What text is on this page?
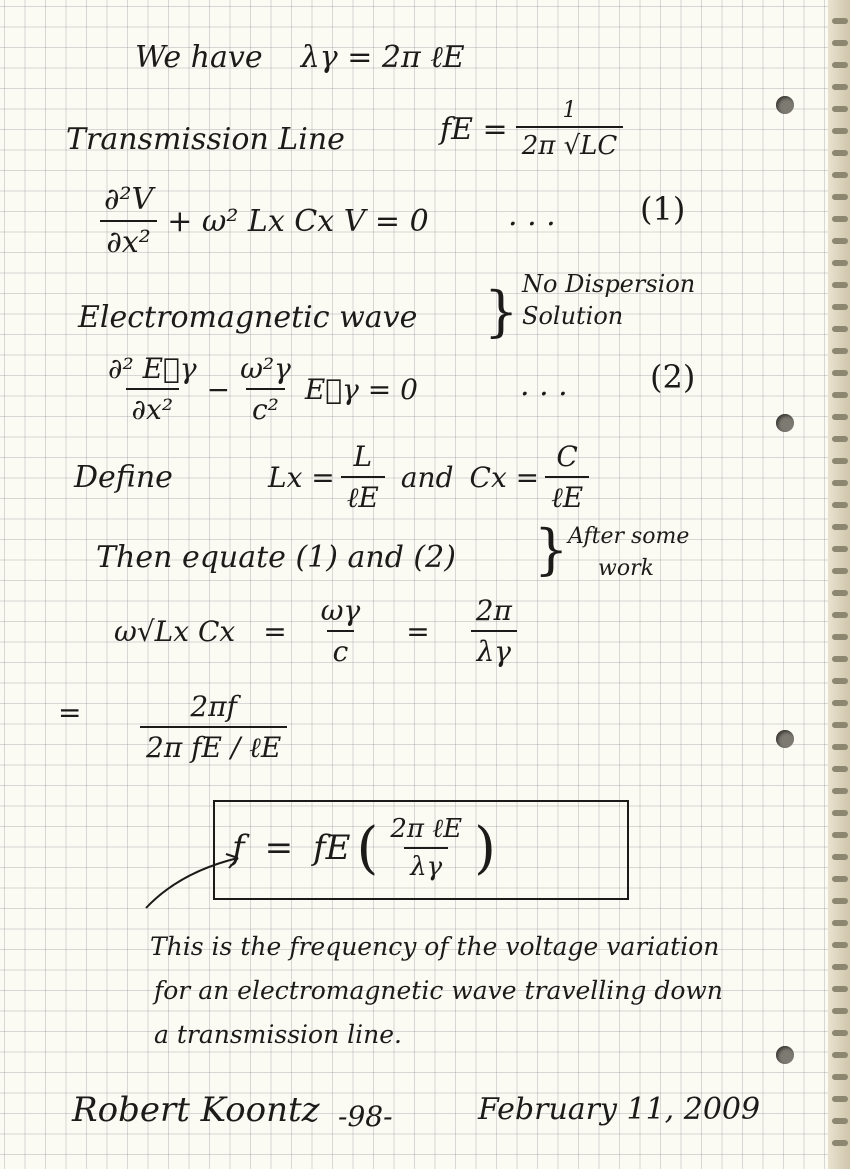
We have λγ = 2π ℓE
Transmission Line	fE = $\frac{1}{2\pi √LC}$
$\frac{\text{∂²V}}{\text{∂x²}} + \omega^2$ Lx Cx V = 0	. . .	(1)
Electromagnetic wave } No Dispersion
Solution
$\frac{\text{∂² E⃗γ}}{\text{∂x²}} - \frac{\text{ω²γ}}{\text{c²}}$ E⃗γ = 0	. . .	(2)
Define	$Lx = \frac{L}{\text{ℓE}}$ and $Cx = \frac{C}{\text{ℓE}}$
Then equate (1) and (2) } After some
work
ω√Lx $Cx = \frac{\omega\gamma}{c} = \frac{2\pi}{\lambda\gamma}$
= $\frac{2\pi f}{\text{2π fE / ℓE}}$
f = fE ( $\frac{\text{2π ℓE}}{\lambda\gamma}$ )
This is the frequency of the voltage variation
for an electromagnetic wave travelling down
a transmission line.
Robert Koontz -98-	February 11, 2009
